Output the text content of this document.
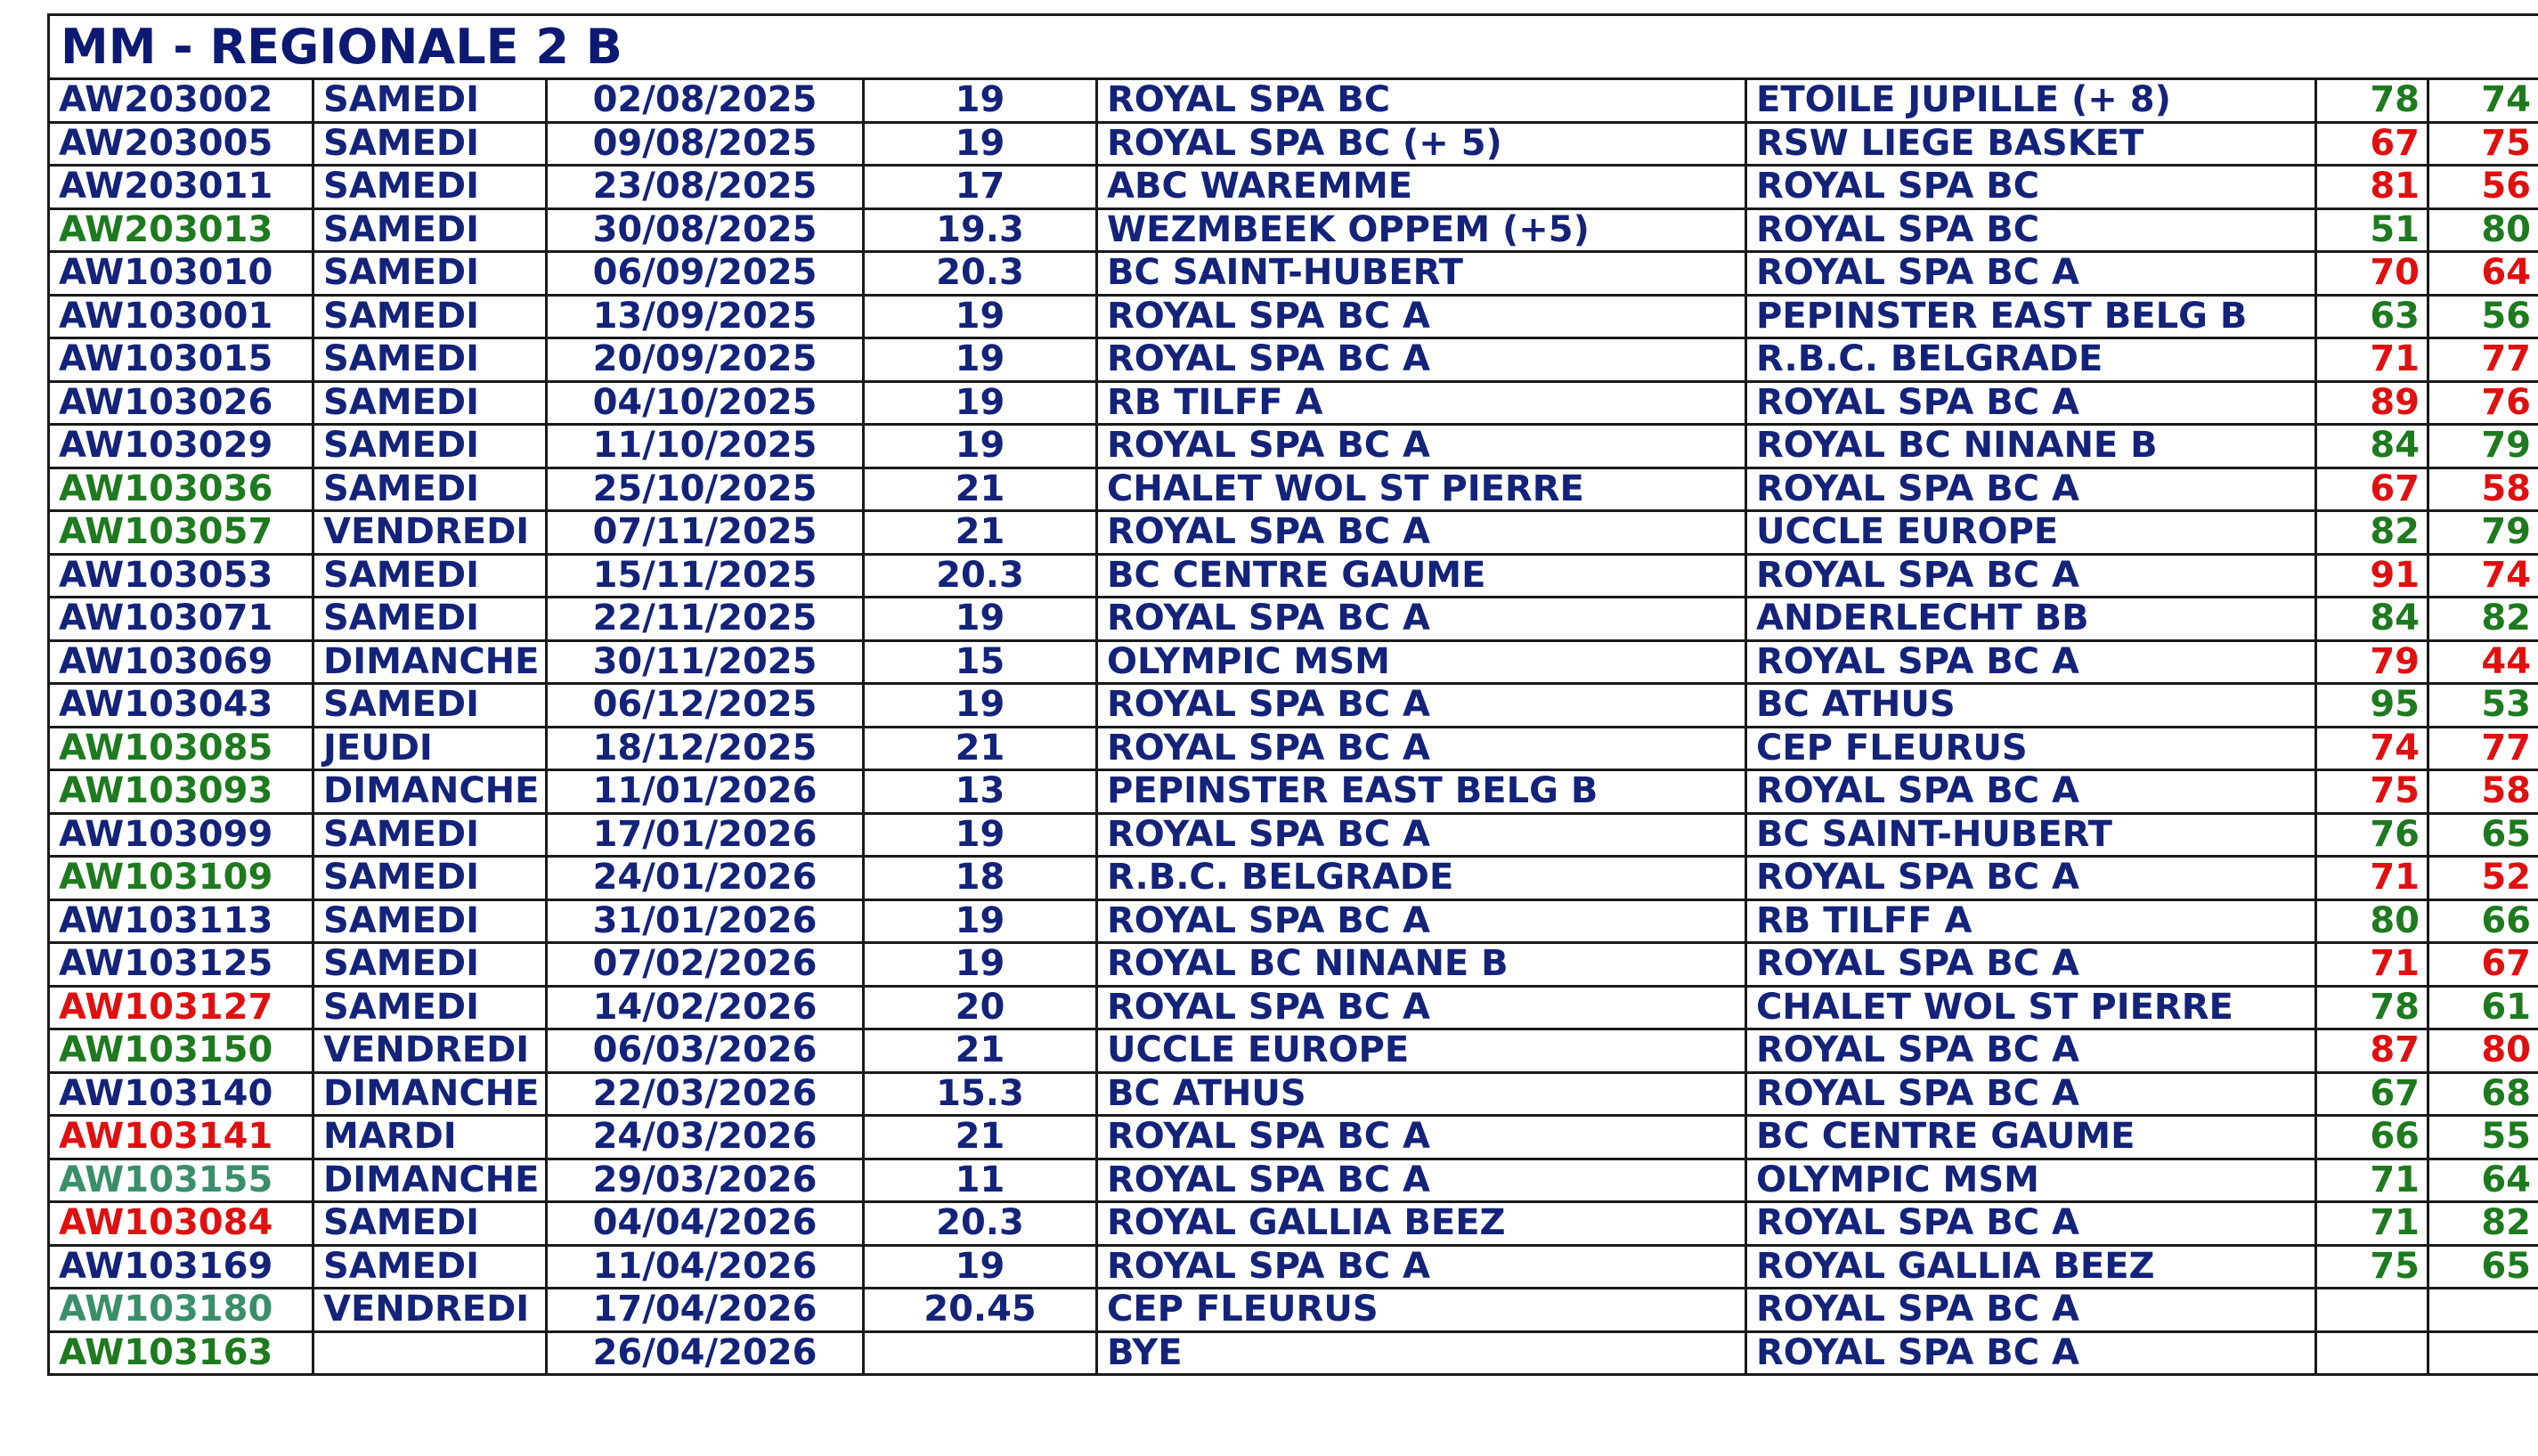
MM - REGIONALE 2 B							
AW203002	SAMEDI	02/08/2025	19	ROYAL SPA BC	ETOILE JUPILLE (+ 8)	78	74
AW203005	SAMEDI	09/08/2025	19	ROYAL SPA BC (+ 5)	RSW LIEGE BASKET	67	75
AW203011	SAMEDI	23/08/2025	17	ABC WAREMME	ROYAL SPA BC	81	56
AW203013	SAMEDI	30/08/2025	19.3	WEZMBEEK OPPEM (+5)	ROYAL SPA BC	51	80
AW103010	SAMEDI	06/09/2025	20.3	BC SAINT-HUBERT	ROYAL SPA BC A	70	64
AW103001	SAMEDI	13/09/2025	19	ROYAL SPA BC A	PEPINSTER EAST BELG B	63	56
AW103015	SAMEDI	20/09/2025	19	ROYAL SPA BC A	R.B.C. BELGRADE	71	77
AW103026	SAMEDI	04/10/2025	19	RB TILFF A	ROYAL SPA BC A	89	76
AW103029	SAMEDI	11/10/2025	19	ROYAL SPA BC A	ROYAL BC NINANE B	84	79
AW103036	SAMEDI	25/10/2025	21	CHALET WOL ST PIERRE	ROYAL SPA BC A	67	58
AW103057	VENDREDI	07/11/2025	21	ROYAL SPA BC A	UCCLE EUROPE	82	79
AW103053	SAMEDI	15/11/2025	20.3	BC CENTRE GAUME	ROYAL SPA BC A	91	74
AW103071	SAMEDI	22/11/2025	19	ROYAL SPA BC A	ANDERLECHT BB	84	82
AW103069	DIMANCHE	30/11/2025	15	OLYMPIC MSM	ROYAL SPA BC A	79	44
AW103043	SAMEDI	06/12/2025	19	ROYAL SPA BC A	BC ATHUS	95	53
AW103085	JEUDI	18/12/2025	21	ROYAL SPA BC A	CEP FLEURUS	74	77
AW103093	DIMANCHE	11/01/2026	13	PEPINSTER EAST BELG B	ROYAL SPA BC A	75	58
AW103099	SAMEDI	17/01/2026	19	ROYAL SPA BC A	BC SAINT-HUBERT	76	65
AW103109	SAMEDI	24/01/2026	18	R.B.C. BELGRADE	ROYAL SPA BC A	71	52
AW103113	SAMEDI	31/01/2026	19	ROYAL SPA BC A	RB TILFF A	80	66
AW103125	SAMEDI	07/02/2026	19	ROYAL BC NINANE B	ROYAL SPA BC A	71	67
AW103127	SAMEDI	14/02/2026	20	ROYAL SPA BC A	CHALET WOL ST PIERRE	78	61
AW103150	VENDREDI	06/03/2026	21	UCCLE EUROPE	ROYAL SPA BC A	87	80
AW103140	DIMANCHE	22/03/2026	15.3	BC ATHUS	ROYAL SPA BC A	67	68
AW103141	MARDI	24/03/2026	21	ROYAL SPA BC A	BC CENTRE GAUME	66	55
AW103155	DIMANCHE	29/03/2026	11	ROYAL SPA BC A	OLYMPIC MSM	71	64
AW103084	SAMEDI	04/04/2026	20.3	ROYAL GALLIA BEEZ	ROYAL SPA BC A	71	82
AW103169	SAMEDI	11/04/2026	19	ROYAL SPA BC A	ROYAL GALLIA BEEZ	75	65
AW103180	VENDREDI	17/04/2026	20.45	CEP FLEURUS	ROYAL SPA BC A		
AW103163		26/04/2026		BYE	ROYAL SPA BC A		
